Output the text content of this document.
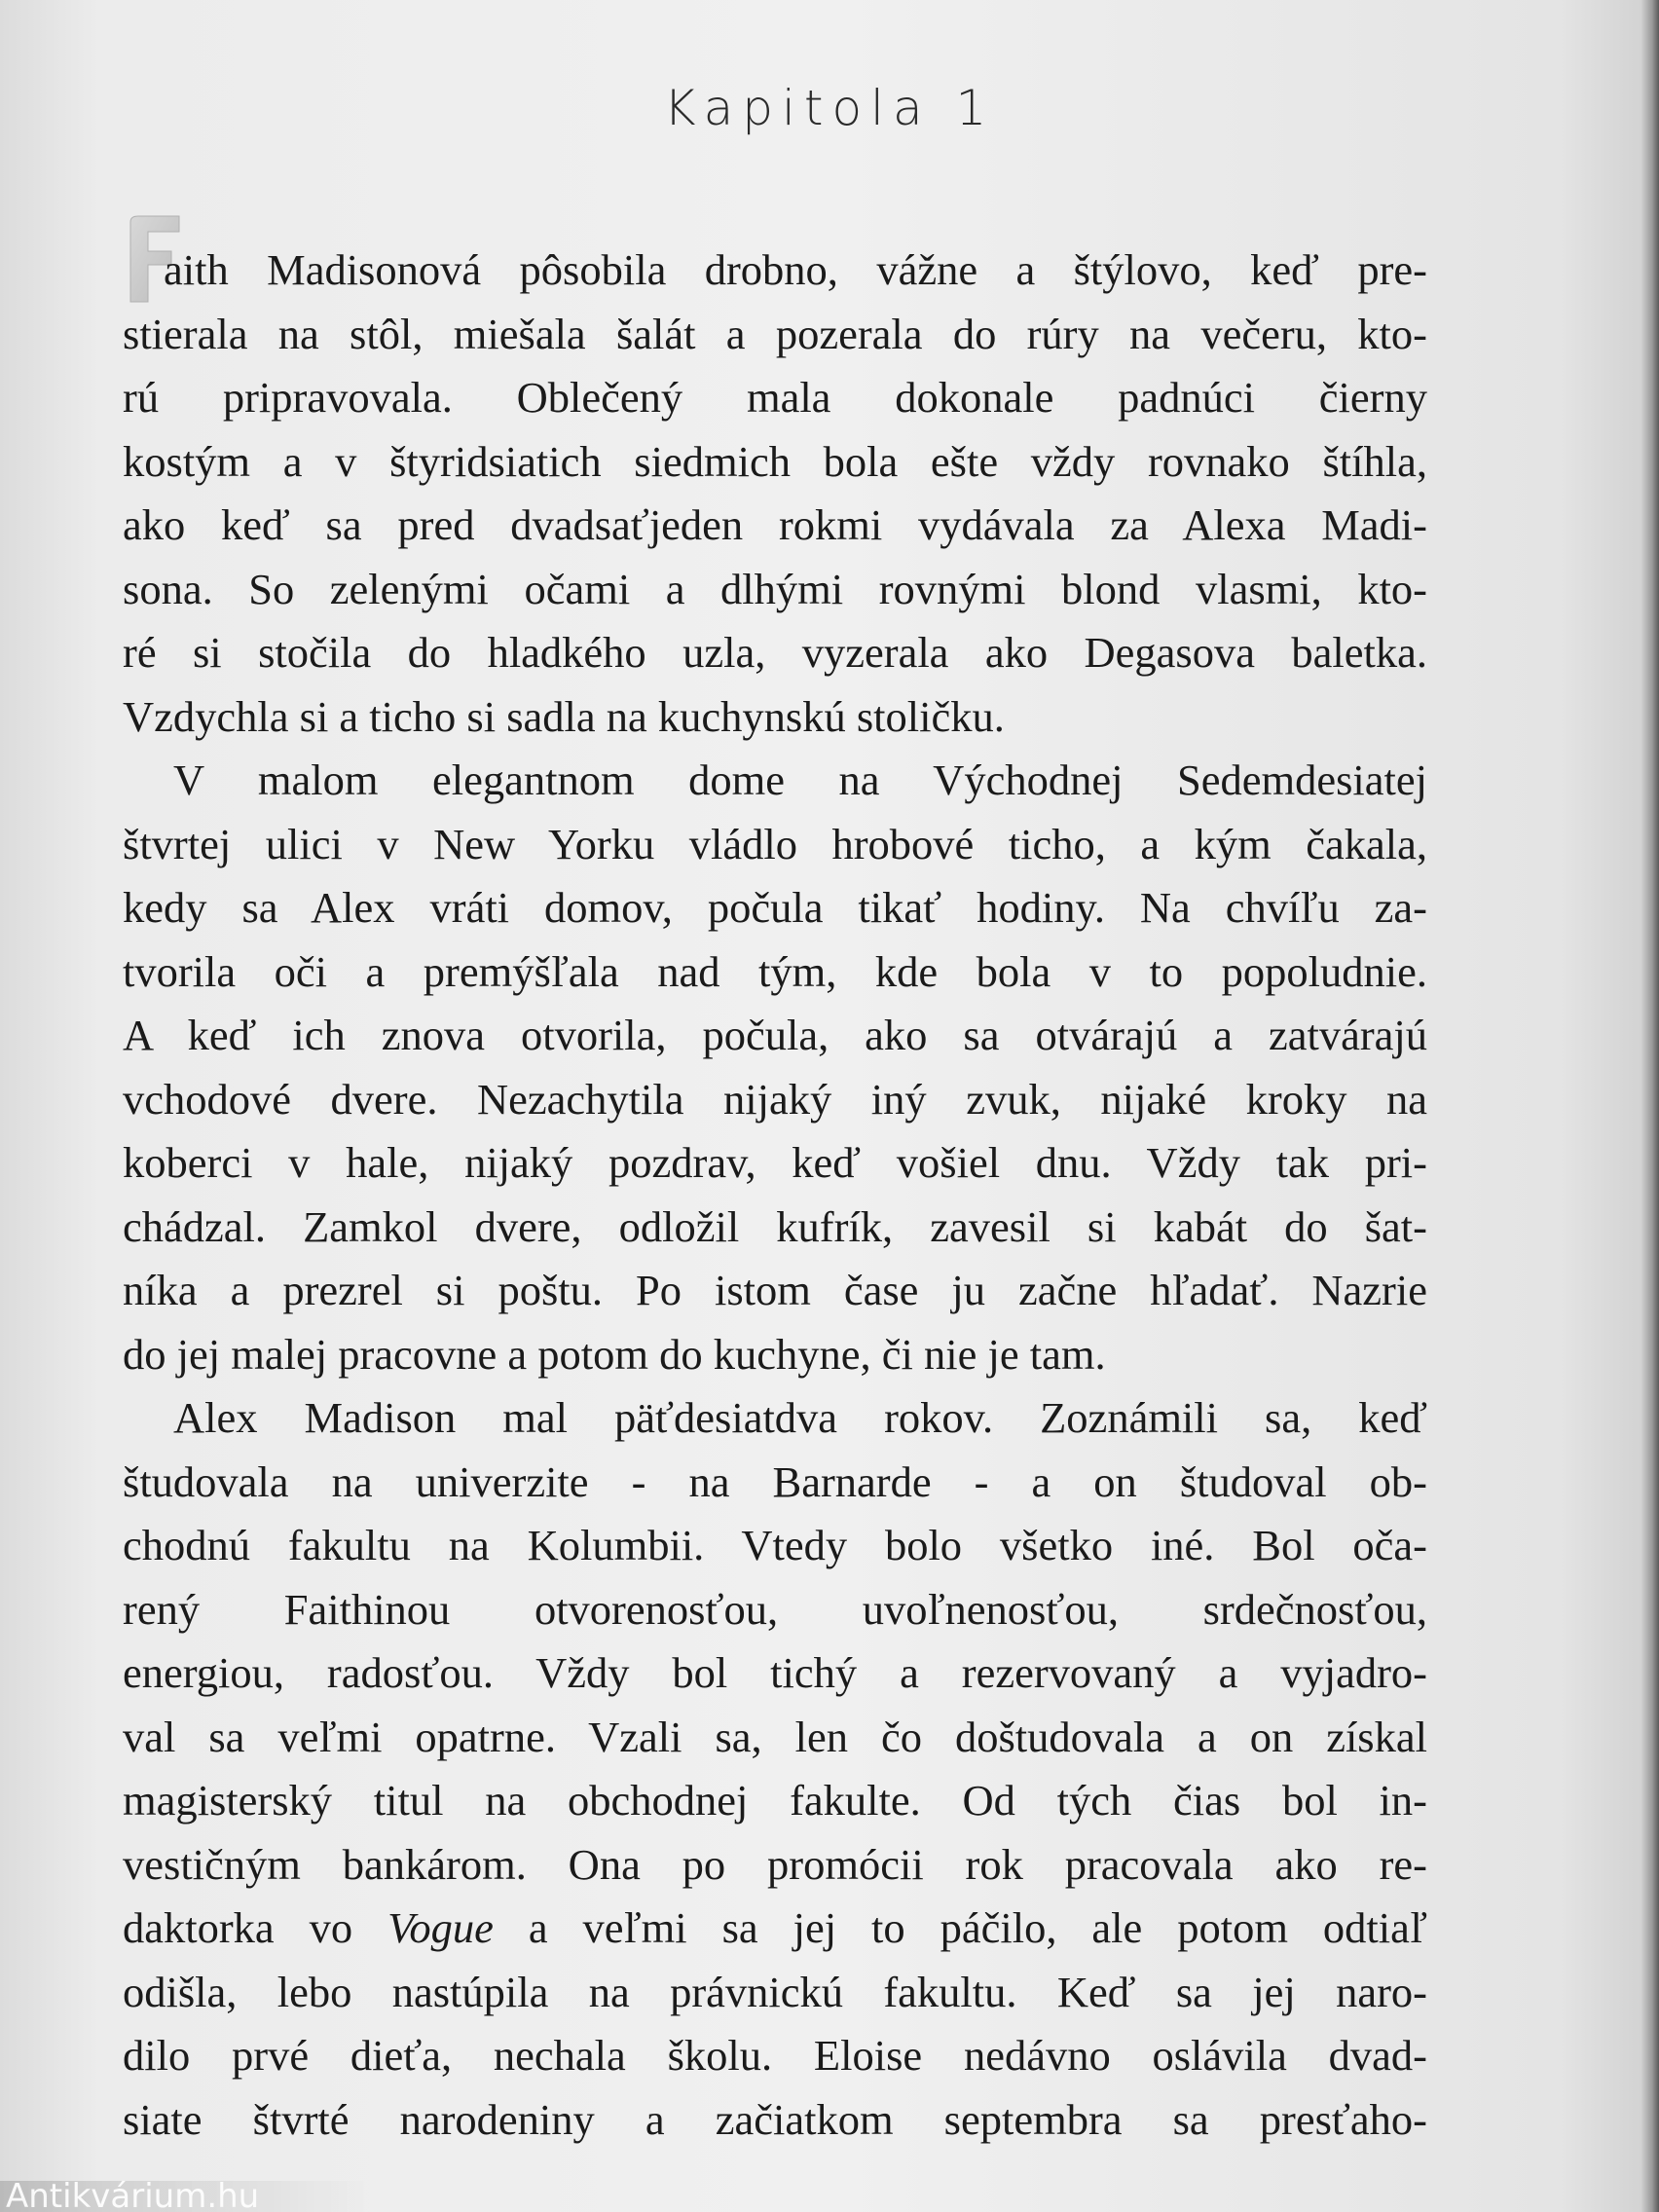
Kapitola 1
aith Madisonová pôsobila drobno, vážne a štýlovo, keď pre-
stierala na stôl, miešala šalát a pozerala do rúry na večeru, kto-
rú pripravovala. Oblečený mala dokonale padnúci čierny
kostým a v štyridsiatich siedmich bola ešte vždy rovnako štíhla,
ako keď sa pred dvadsaťjeden rokmi vydávala za Alexa Madi-
sona. So zelenými očami a dlhými rovnými blond vlasmi, kto-
ré si stočila do hladkého uzla, vyzerala ako Degasova baletka.
Vzdychla si a ticho si sadla na kuchynskú stoličku.
V malom elegantnom dome na Východnej Sedemdesiatej
štvrtej ulici v New Yorku vládlo hrobové ticho, a kým čakala,
kedy sa Alex vráti domov, počula tikať hodiny. Na chvíľu za-
tvorila oči a premýšľala nad tým, kde bola v to popoludnie.
A keď ich znova otvorila, počula, ako sa otvárajú a zatvárajú
vchodové dvere. Nezachytila nijaký iný zvuk, nijaké kroky na
koberci v hale, nijaký pozdrav, keď vošiel dnu. Vždy tak pri-
chádzal. Zamkol dvere, odložil kufrík, zavesil si kabát do šat-
níka a prezrel si poštu. Po istom čase ju začne hľadať. Nazrie
do jej malej pracovne a potom do kuchyne, či nie je tam.
Alex Madison mal päťdesiatdva rokov. Zoznámili sa, keď
študovala na univerzite - na Barnarde - a on študoval ob-
chodnú fakultu na Kolumbii. Vtedy bolo všetko iné. Bol oča-
rený Faithinou otvorenosťou, uvoľnenosťou, srdečnosťou,
energiou, radosťou. Vždy bol tichý a rezervovaný a vyjadro-
val sa veľmi opatrne. Vzali sa, len čo doštudovala a on získal
magisterský titul na obchodnej fakulte. Od tých čias bol in-
vestičným bankárom. Ona po promócii rok pracovala ako re-
daktorka vo Vogue a veľmi sa jej to páčilo, ale potom odtiaľ
odišla, lebo nastúpila na právnickú fakultu. Keď sa jej naro-
dilo prvé dieťa, nechala školu. Eloise nedávno oslávila dvad-
siate štvrté narodeniny a začiatkom septembra sa presťaho-
Antikvárium.hu
